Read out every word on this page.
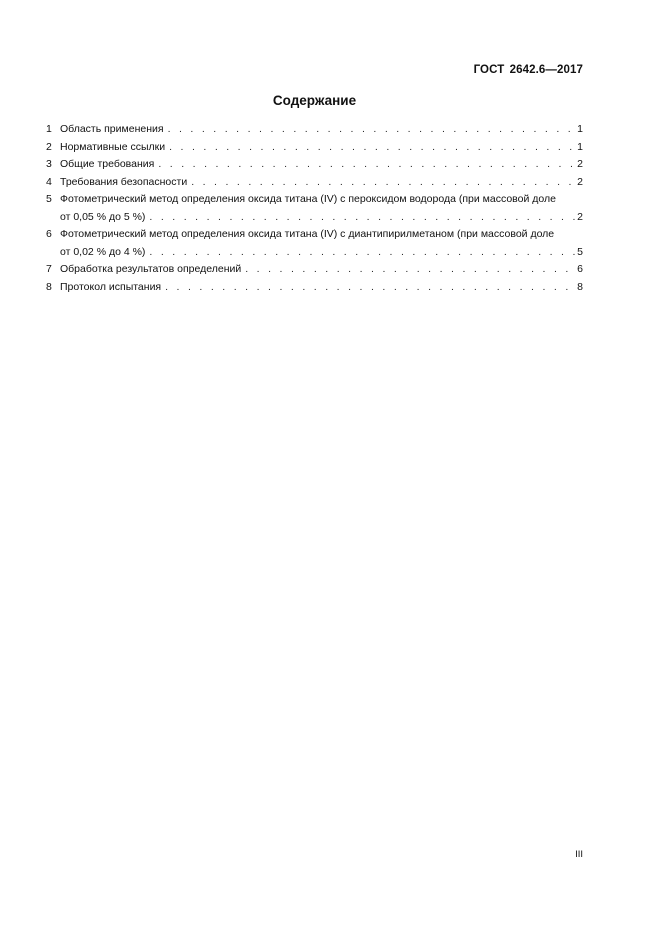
ГОСТ 2642.6—2017
Содержание
1 Область применения . . .	1
2 Нормативные ссылки . . .	1
3 Общие требования . . .	2
4 Требования безопасности . . .	2
5 Фотометрический метод определения оксида титана (IV) с пероксидом водорода (при массовой доле
от 0,05 % до 5 %) . . .	2
6 Фотометрический метод определения оксида титана (IV) с диантипирилметаном (при массовой доле
от 0,02 % до 4 %) . . .	5
7 Обработка результатов определений . . .	6
8 Протокол испытания . . .	8
III
